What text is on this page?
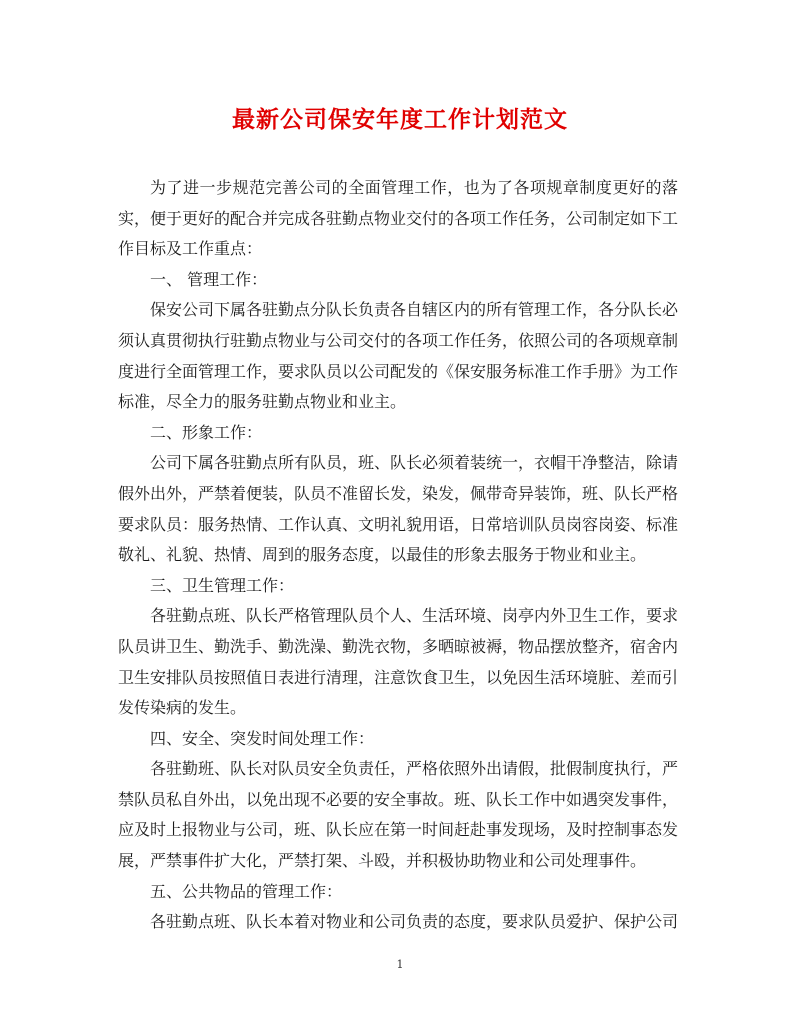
最新公司保安年度工作计划范文

为了进一步规范完善公司的全面管理工作，也为了各项规章制度更好的落实，便于更好的配合并完成各驻勤点物业交付的各项工作任务，公司制定如下工作目标及工作重点：

一、 管理工作：

保安公司下属各驻勤点分队长负责各自辖区内的所有管理工作，各分队长必须认真贯彻执行驻勤点物业与公司交付的各项工作任务，依照公司的各项规章制度进行全面管理工作，要求队员以公司配发的《保安服务标准工作手册》为工作标准，尽全力的服务驻勤点物业和业主。

二、形象工作：

公司下属各驻勤点所有队员，班、队长必须着装统一，衣帽干净整洁，除请假外出外，严禁着便装，队员不准留长发，染发，佩带奇异装饰，班、队长严格要求队员：服务热情、工作认真、文明礼貌用语，日常培训队员岗容岗姿、标准敬礼、礼貌、热情、周到的服务态度，以最佳的形象去服务于物业和业主。

三、卫生管理工作：

各驻勤点班、队长严格管理队员个人、生活环境、岗亭内外卫生工作，要求队员讲卫生、勤洗手、勤洗澡、勤洗衣物，多晒晾被褥，物品摆放整齐，宿舍内卫生安排队员按照值日表进行清理，注意饮食卫生，以免因生活环境脏、差而引发传染病的发生。

四、安全、突发时间处理工作：

各驻勤班、队长对队员安全负责任，严格依照外出请假，批假制度执行，严禁队员私自外出，以免出现不必要的安全事故。班、队长工作中如遇突发事件，应及时上报物业与公司，班、队长应在第一时间赶赴事发现场，及时控制事态发展，严禁事件扩大化，严禁打架、斗殴，并积极协助物业和公司处理事件。

五、公共物品的管理工作：

各驻勤点班、队长本着对物业和公司负责的态度，要求队员爱护、保护公司

1
